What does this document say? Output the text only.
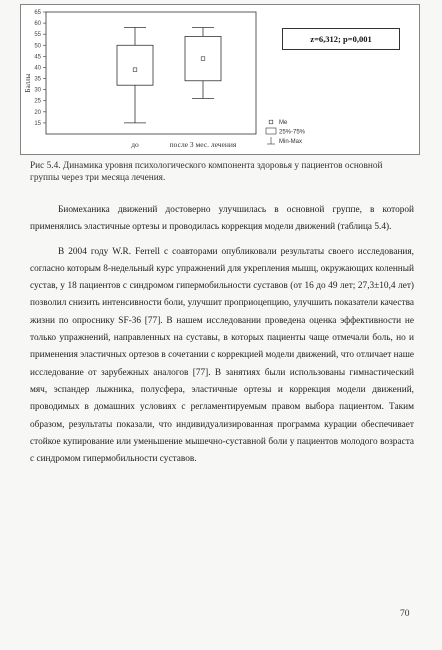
15
20
25
30
35
40
45
50
55
60
65
Баллы
до	после 3 мес. лечения
Me
25%-75%
Min-Max
z=6,312; p=0,001
Рис 5.4. Динамика уровня психологического компонента здоровья у пациентов основной группы через три месяца лечения.

Биомеханика движений достоверно улучшилась в основной группе, в которой применялись эластичные ортезы и проводилась коррекция модели движений (таблица 5.4).

В 2004 году W.R. Ferrell с соавторами опубликовали результаты своего исследования, согласно которым 8-недельный курс упражнений для укрепления мышц, окружающих коленный сустав, у 18 пациентов с синдромом гипермобильности суставов (от 16 до 49 лет; 27,3±10,4 лет) позволил снизить интенсивности боли, улучшит проприоцепцию, улучшить показатели качества жизни по опроснику SF-36 [77]. В нашем исследовании проведена оценка эффективности не только упражнений, направленных на суставы, в которых пациенты чаще отмечали боль, но и применения эластичных ортезов в сочетании с коррекцией модели движений, что отличает наше исследование от зарубежных аналогов [77]. В занятиях были использованы гимнастический мяч, эспандер лыжника, полусфера, эластичные ортезы и коррекция модели движений, проводимых в домашних условиях с регламентируемым правом выбора пациентом. Таким образом, результаты показали, что индивидуализированная программа курации обеспечивает стойкое купирование или уменьшение мышечно-суставной боли у пациентов молодого возраста с синдромом гипермобильности суставов.

70
